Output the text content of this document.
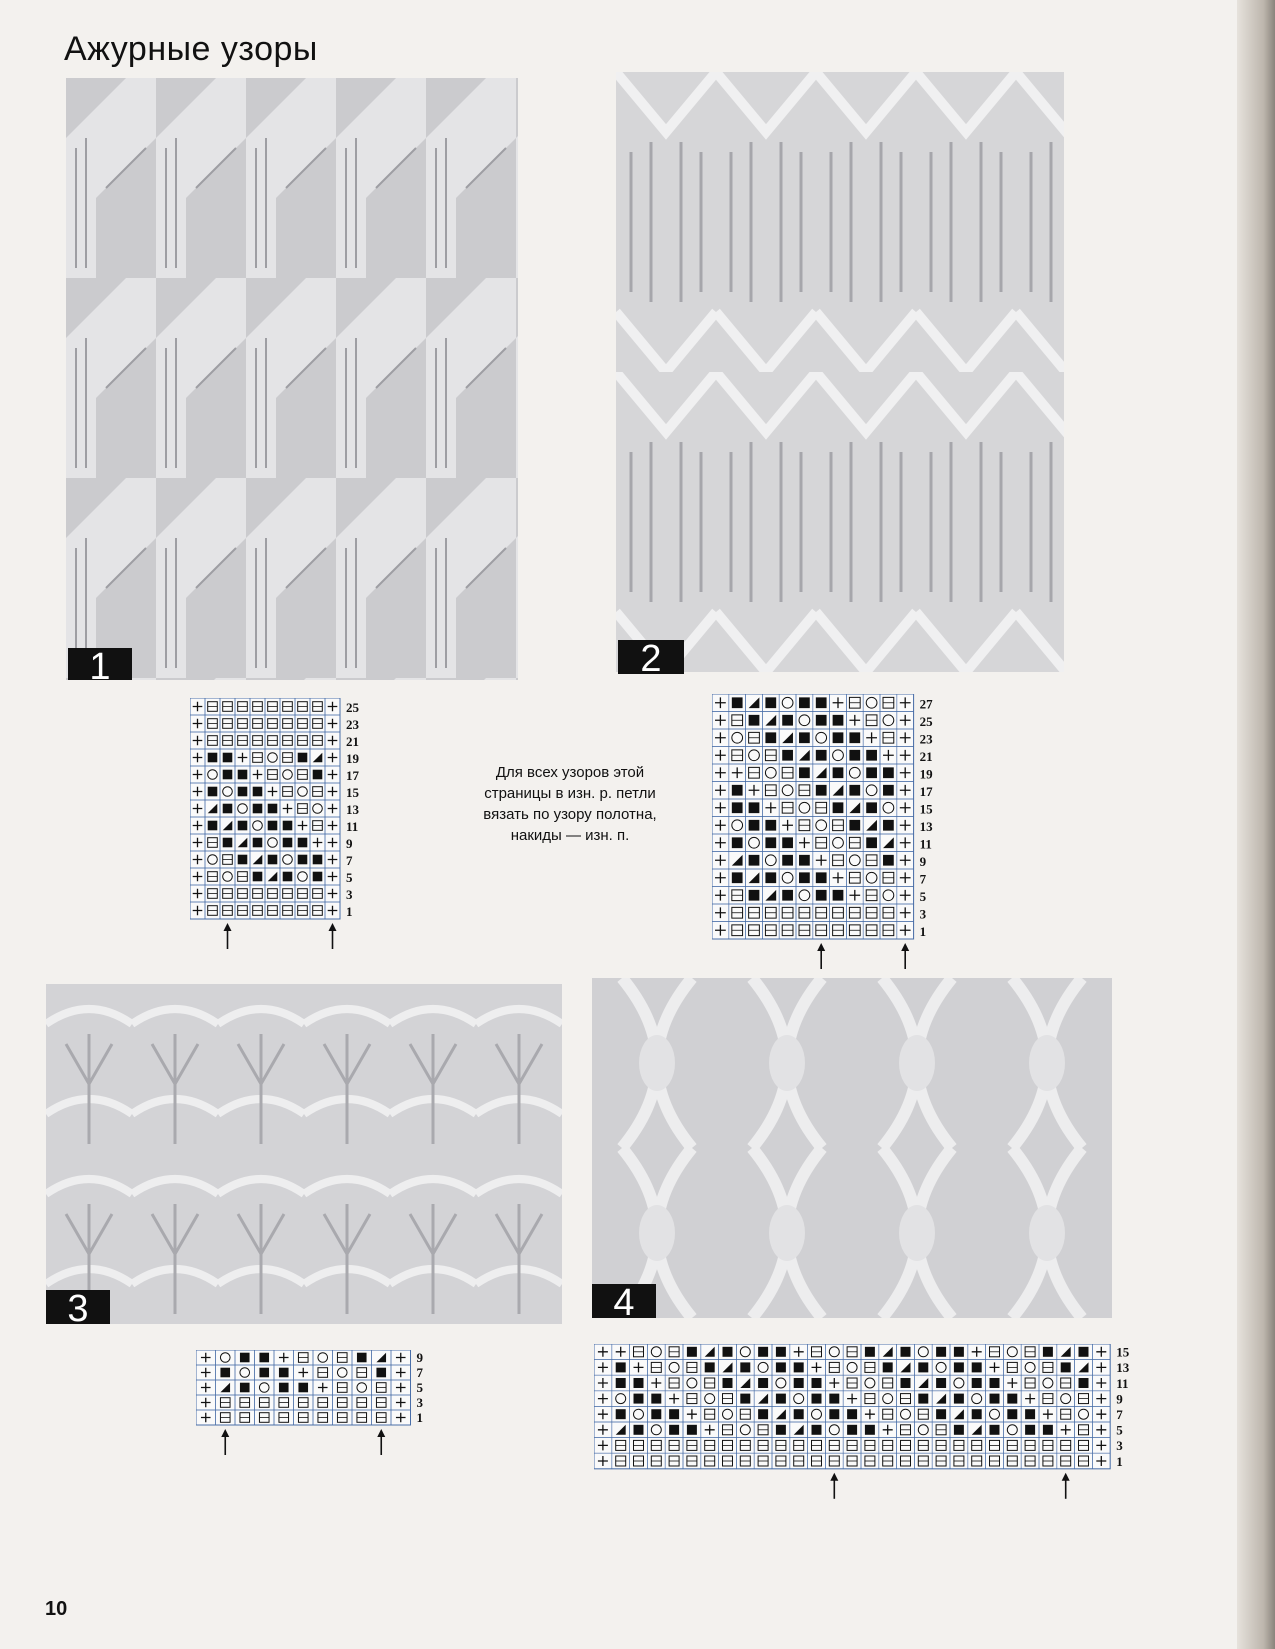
Ажурные узоры
1	2
25
23
21
19
17
15
13
11
9
7
5
3
1
Для всех узоров этой
страницы в изн. р. петли
вязать по узору полотна,
накиды — изн. п.
27
25
23
21
19
17
15
13
11
9
7
5
3
1
3	4
9
7
5
3
1
15
13
11
9
7
5
3
1
10
